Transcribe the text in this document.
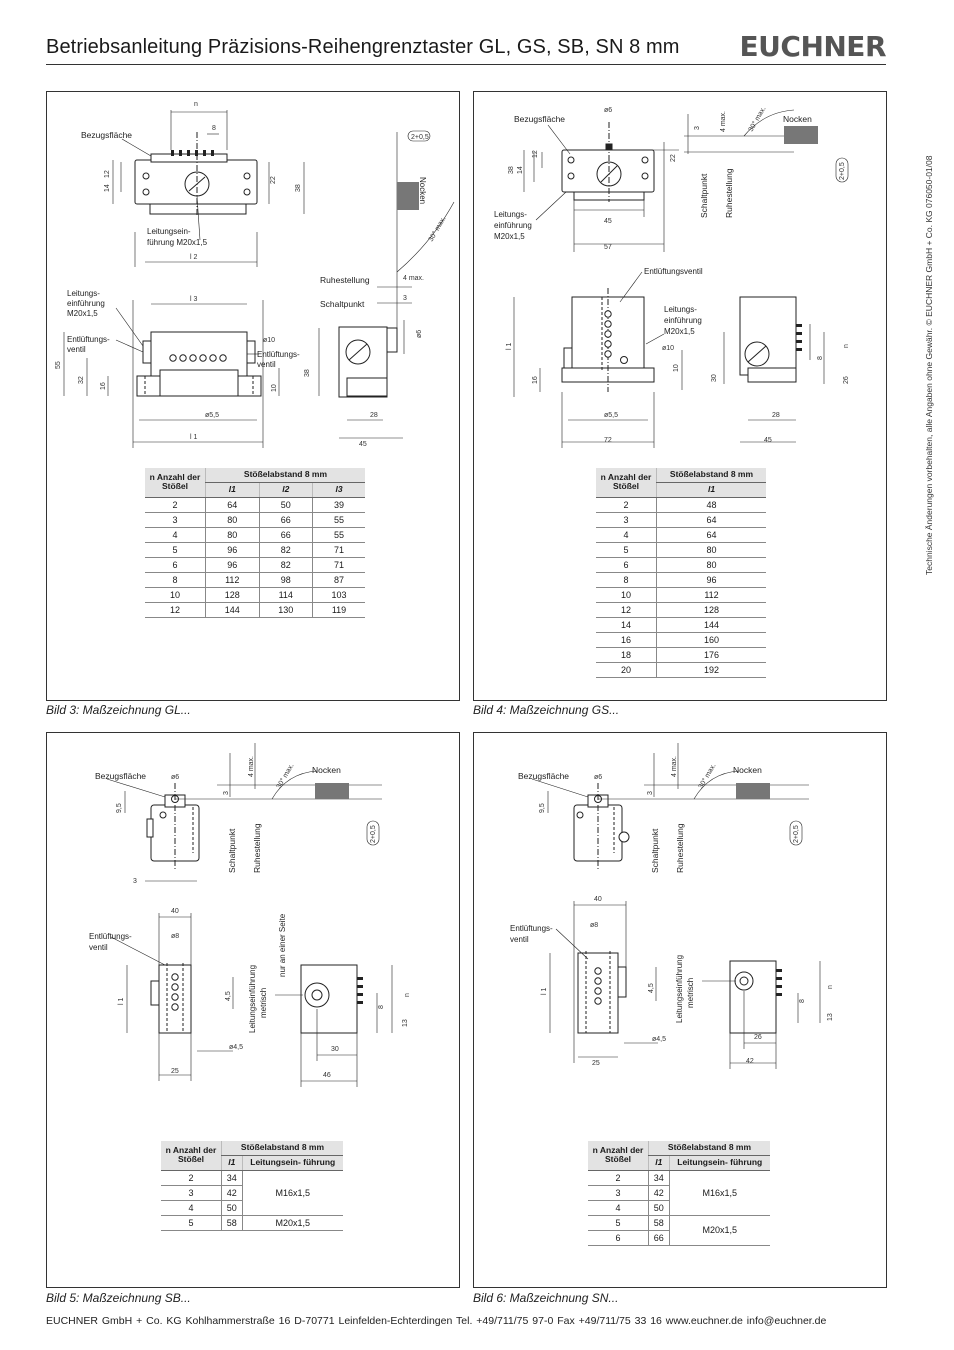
Betriebsanleitung Präzisions-Reihengrenztaster GL, GS, SB, SN 8 mm EUCHNER
Technische Änderungen vorbehalten, alle Angaben ohne Gewähr. © EUCHNER GmbH + Co. KG 076050-01/08
Bezugsfläche
Leitungsein-
führung M20x1,5
Leitungs-
einführung
M20x1,5
Entlüftungs-
ventil
Entlüftungs-
ventil
Ruhestellung
Schaltpunkt
Nocken
n
8
12
14
22
38
l 2
l 3
l 1
55
32
16
ø5,5
ø10
10
38
28
45
ø6
3
4 max.
30° max.
2+0,5
n Anzahl der Stößel	Stößelabstand 8 mm		
	l1	l2	l3
2	64	50	39
3	80	66	55
4	80	66	55
5	96	82	71
6	96	82	71
8	112	98	87
10	128	114	103
12	144	130	119
Bild 3: Maßzeichnung GL...
Bezugsfläche
Leitungs-
einführung
M20x1,5
Entlüftungsventil
Leitungs-
einführung
M20x1,5
Nocken
Schaltpunkt Ruhestellung
ø6
3	4 max.	30° max.
12
14
38
22
45
57
l 1
16
ø10
10
ø5,5
72
30
28
45
8
26
n
2+0,5
n Anzahl der Stößel	Stößelabstand 8 mm
	l1
2	48
3	64
4	64
5	80
6	80
8	96
10	112
12	128
14	144
16	160
18	176
20	192
Bild 4: Maßzeichnung GS...
Bezugsfläche
Nocken
Schaltpunkt Ruhestellung
Entlüftungs-
ventil
Leitungseinführung metrisch
nur an einer Seite
ø6
3
4 max.	30° max.
9,5
3
40
ø8
l 1
4,5
ø4,5
25
30
46
8
13
n
2+0,5
n Anzahl der Stößel	Stößelabstand 8 mm	
	l1	Leitungsein- führung
2	34	M16x1,5
3	42	
4	50	
5	58	M20x1,5
Bild 5: Maßzeichnung SB...
Bezugsfläche
Nocken
Schaltpunkt Ruhestellung
Entlüftungs-
ventil
Leitungseinführung metrisch
ø6
3
4 max.	30° max.
9,5
40
ø8
l 1	4,5
ø4,5
25
26
42
8
13
n
2+0,5
n Anzahl der Stößel	Stößelabstand 8 mm	
	l1	Leitungsein- führung
2	34	M16x1,5
3	42	
4	50	
5	58	M20x1,5
6	66	
Bild 6: Maßzeichnung SN...
EUCHNER GmbH + Co. KG Kohlhammerstraße 16 D-70771 Leinfelden-Echterdingen Tel. +49/711/75 97-0 Fax +49/711/75 33 16 www.euchner.de info@euchner.de
